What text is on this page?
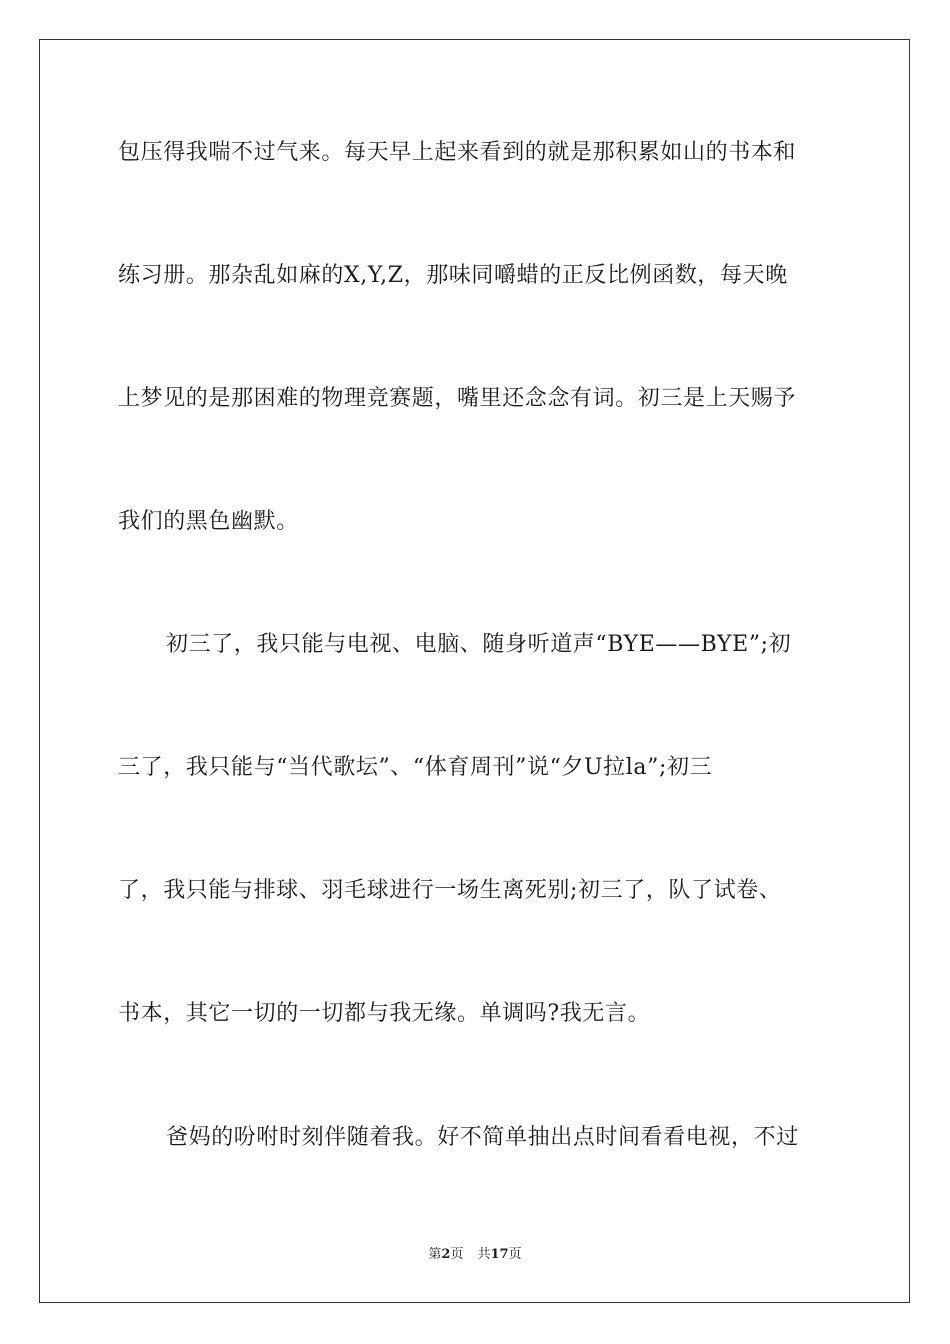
包压得我喘不过气来。每天早上起来看到的就是那积累如山的书本和
练习册。那杂乱如麻的X,Y,Z，那味同嚼蜡的正反比例函数，每天晚
上梦见的是那困难的物理竞赛题，嘴里还念念有词。初三是上天赐予
我们的黑色幽默。
初三了，我只能与电视、电脑、随身听道声“BYE——BYE”;初
三了，我只能与“当代歌坛”、“体育周刊”说“夕U拉la”;初三
了，我只能与排球、羽毛球进行一场生离死别;初三了，队了试卷、
书本，其它一切的一切都与我无缘。单调吗?我无言。
爸妈的吩咐时刻伴随着我。好不简单抽出点时间看看电视，不过
第2页 共17页
